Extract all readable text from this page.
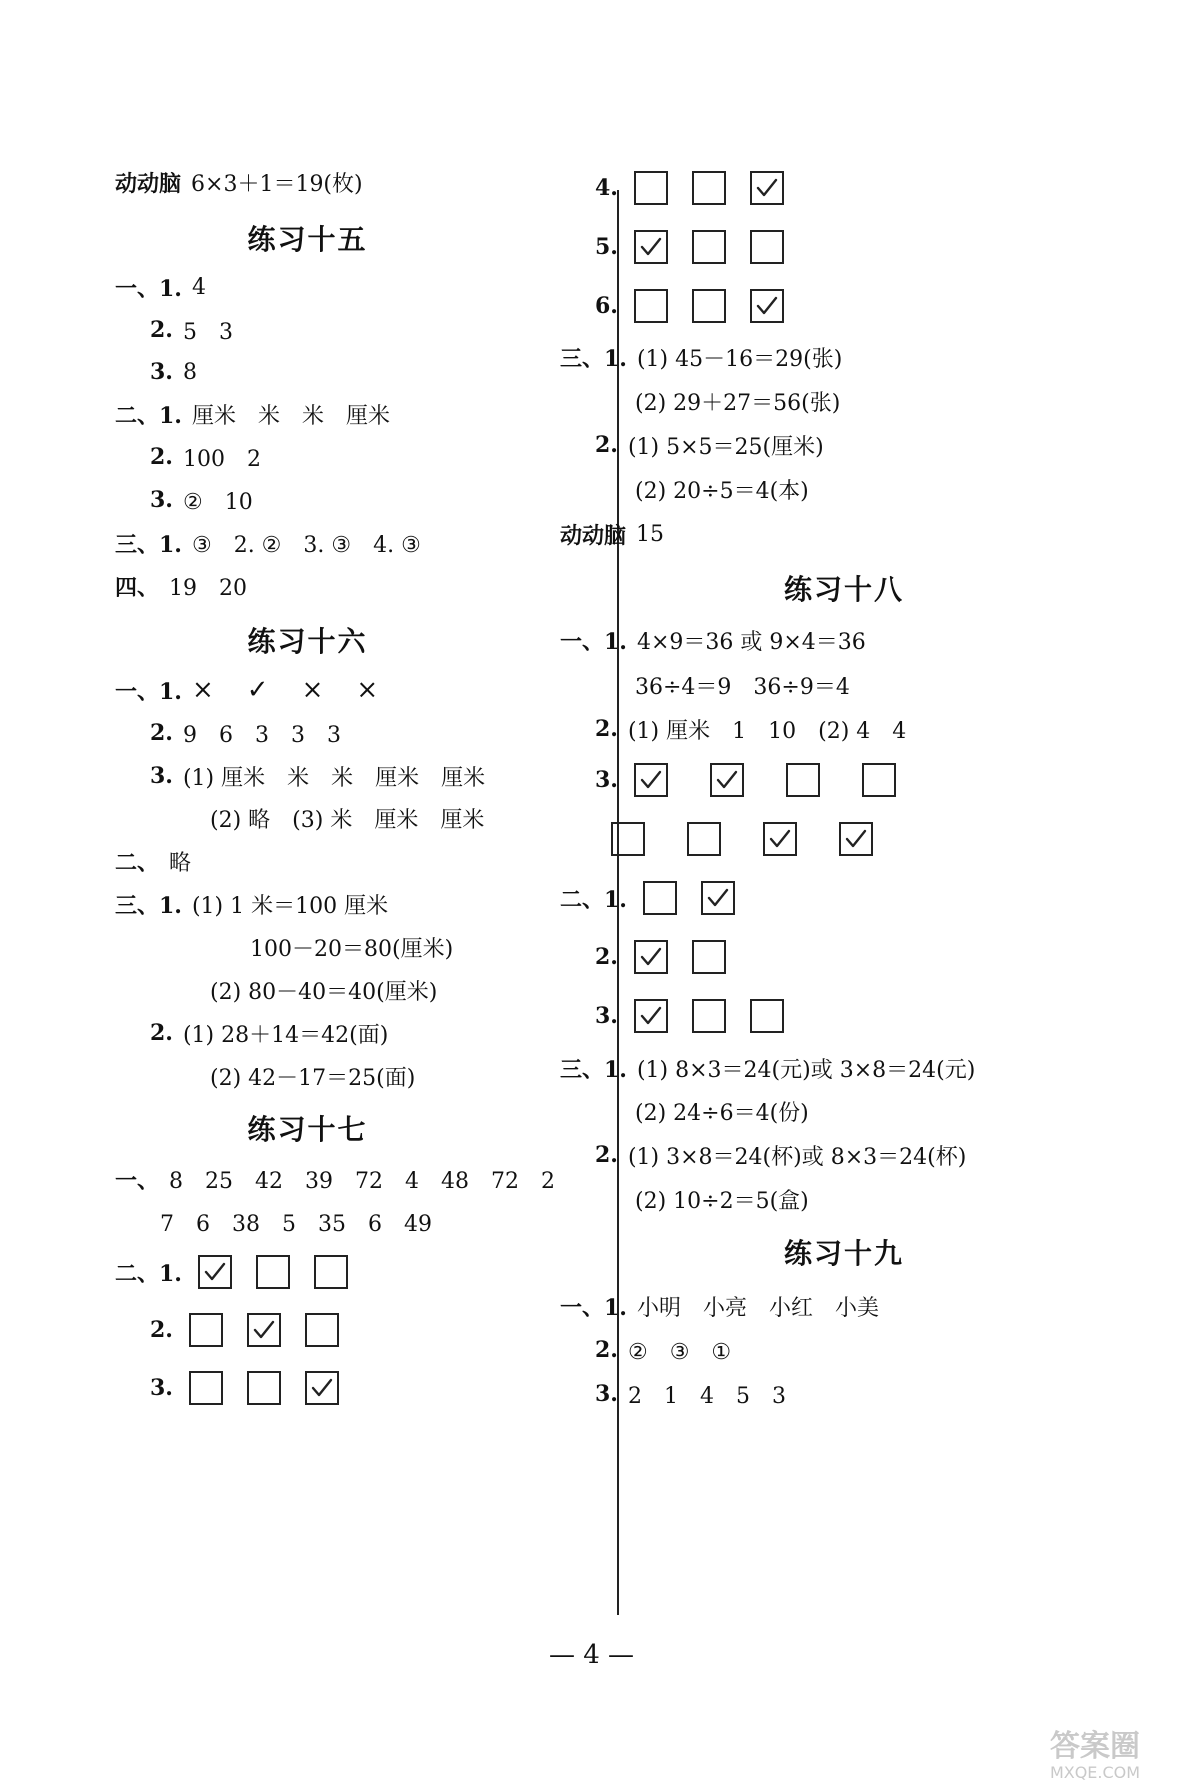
动动脑 6×3＋1＝19(枚)
练习十五
一、1. 4
2. 5　3
3. 8
二、1. 厘米　米　米　厘米
2. 100　2
3. ②　10
三、1. ③　2. ②　3. ③　4. ③
四、 19　20
练习十六
一、1. × ✓ × ×
2. 9　6　3　3　3
3. (1) 厘米　米　米　厘米　厘米
(2) 略　(3) 米　厘米　厘米
二、 略
三、1. (1) 1 米＝100 厘米
100－20＝80(厘米)
(2) 80－40＝40(厘米)
2. (1) 28＋14＝42(面)
(2) 42－17＝25(面)
练习十七
一、 8　25　42　39　72　4　48　72　2
7　6　38　5　35　6　49
二、1.
2.
3.
4.
5.
6.
三、1. (1) 45－16＝29(张)
(2) 29＋27＝56(张)
2. (1) 5×5＝25(厘米)
(2) 20÷5＝4(本)
动动脑 15
练习十八
一、1. 4×9＝36 或 9×4＝36
36÷4＝9　36÷9＝4
2. (1) 厘米　1　10　(2) 4　4
3.
二、1.
2.
3.
三、1. (1) 8×3＝24(元)或 3×8＝24(元)
(2) 24÷6＝4(份)
2. (1) 3×8＝24(杯)或 8×3＝24(杯)
(2) 10÷2＝5(盒)
练习十九
一、1. 小明　小亮　小红　小美
2. ②　③　①
3. 2　1　4　5　3
— 4 —
答案圈
MXQE.COM
